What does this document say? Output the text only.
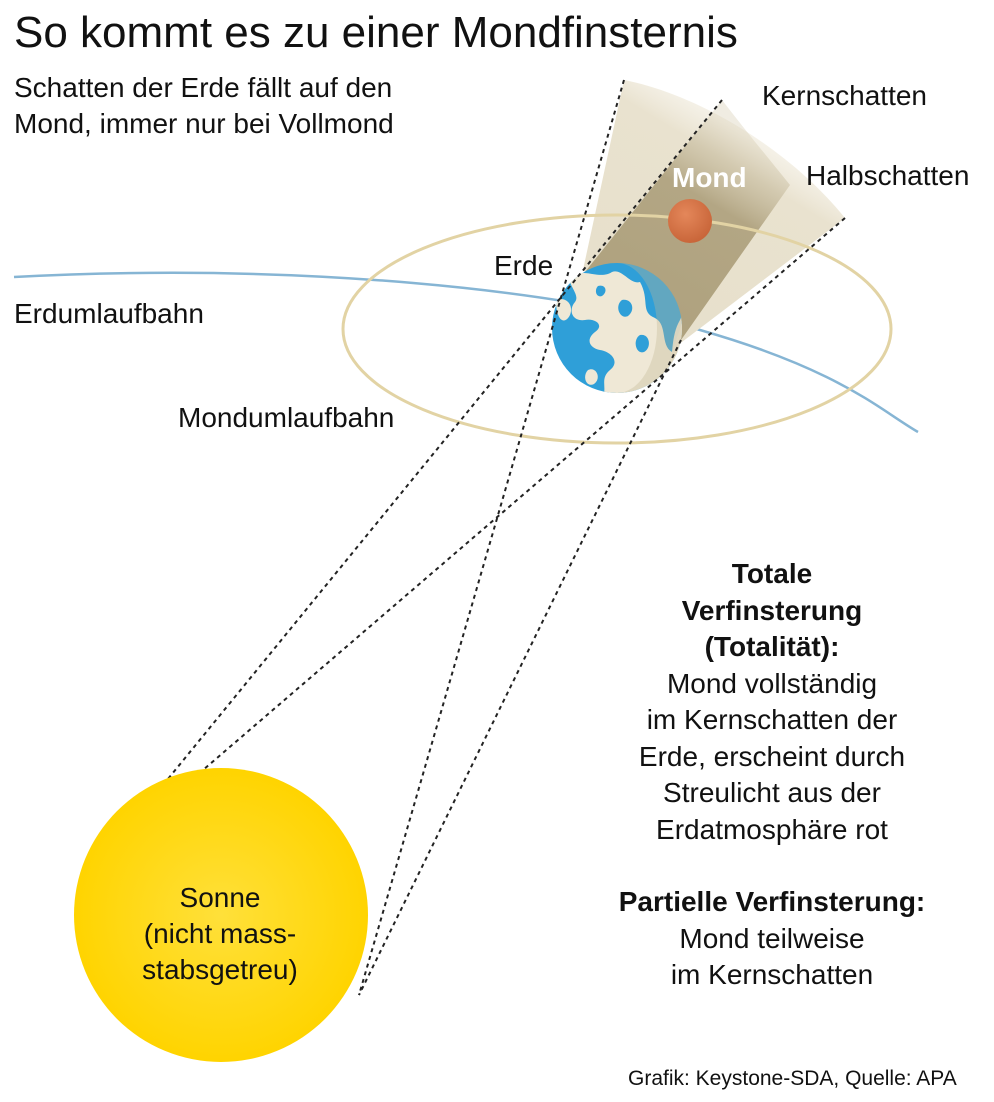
So kommt es zu einer Mondfinsternis
Schatten der Erde fällt auf den Mond, immer nur bei Vollmond
Kernschatten
Halbschatten
Mond
Erde
Erdumlaufbahn
Mondumlaufbahn
Sonne
(nicht mass-
stabsgetreu)
Totale
Verfinsterung
(Totalität):
Mond vollständig
im Kernschatten der
Erde, erscheint durch
Streulicht aus der
Erdatmosphäre rot
Partielle Verfinsterung:
Mond teilweise
im Kernschatten
Grafik: Keystone-SDA, Quelle: APA
